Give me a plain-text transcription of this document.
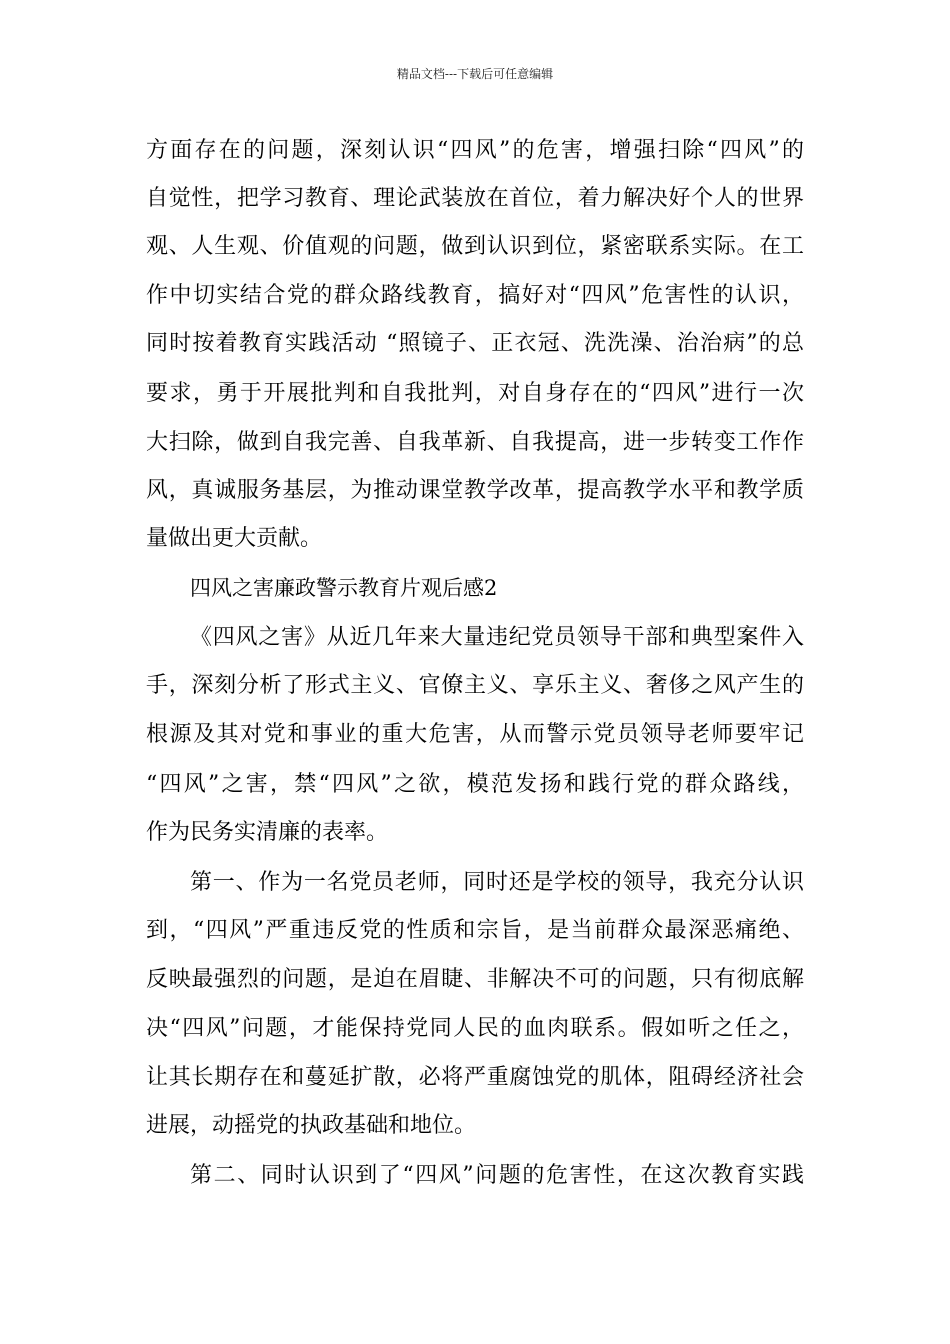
精品文档---下载后可任意编辑
方面存在的问题，深刻认识“四风”的危害，增强扫除“四风”的
自觉性，把学习教育、理论武装放在首位，着力解决好个人的世界
观、人生观、价值观的问题，做到认识到位，紧密联系实际。在工
作中切实结合党的群众路线教育，搞好对“四风”危害性的认识，
同时按着教育实践活动 “照镜子、正衣冠、洗洗澡、治治病”的总
要求，勇于开展批判和自我批判，对自身存在的“四风”进行一次
大扫除，做到自我完善、自我革新、自我提高，进一步转变工作作
风，真诚服务基层，为推动课堂教学改革，提高教学水平和教学质
量做出更大贡献。
四风之害廉政警示教育片观后感2
《四风之害》从近几年来大量违纪党员领导干部和典型案件入
手，深刻分析了形式主义、官僚主义、享乐主义、奢侈之风产生的
根源及其对党和事业的重大危害，从而警示党员领导老师要牢记
“四风”之害，禁“四风”之欲，模范发扬和践行党的群众路线，
作为民务实清廉的表率。
第一、作为一名党员老师，同时还是学校的领导，我充分认识
到，“四风”严重违反党的性质和宗旨，是当前群众最深恶痛绝、
反映最强烈的问题，是迫在眉睫、非解决不可的问题，只有彻底解
决“四风”问题，才能保持党同人民的血肉联系。假如听之任之，
让其长期存在和蔓延扩散，必将严重腐蚀党的肌体，阻碍经济社会
进展，动摇党的执政基础和地位。
第二、同时认识到了“四风”问题的危害性，在这次教育实践
